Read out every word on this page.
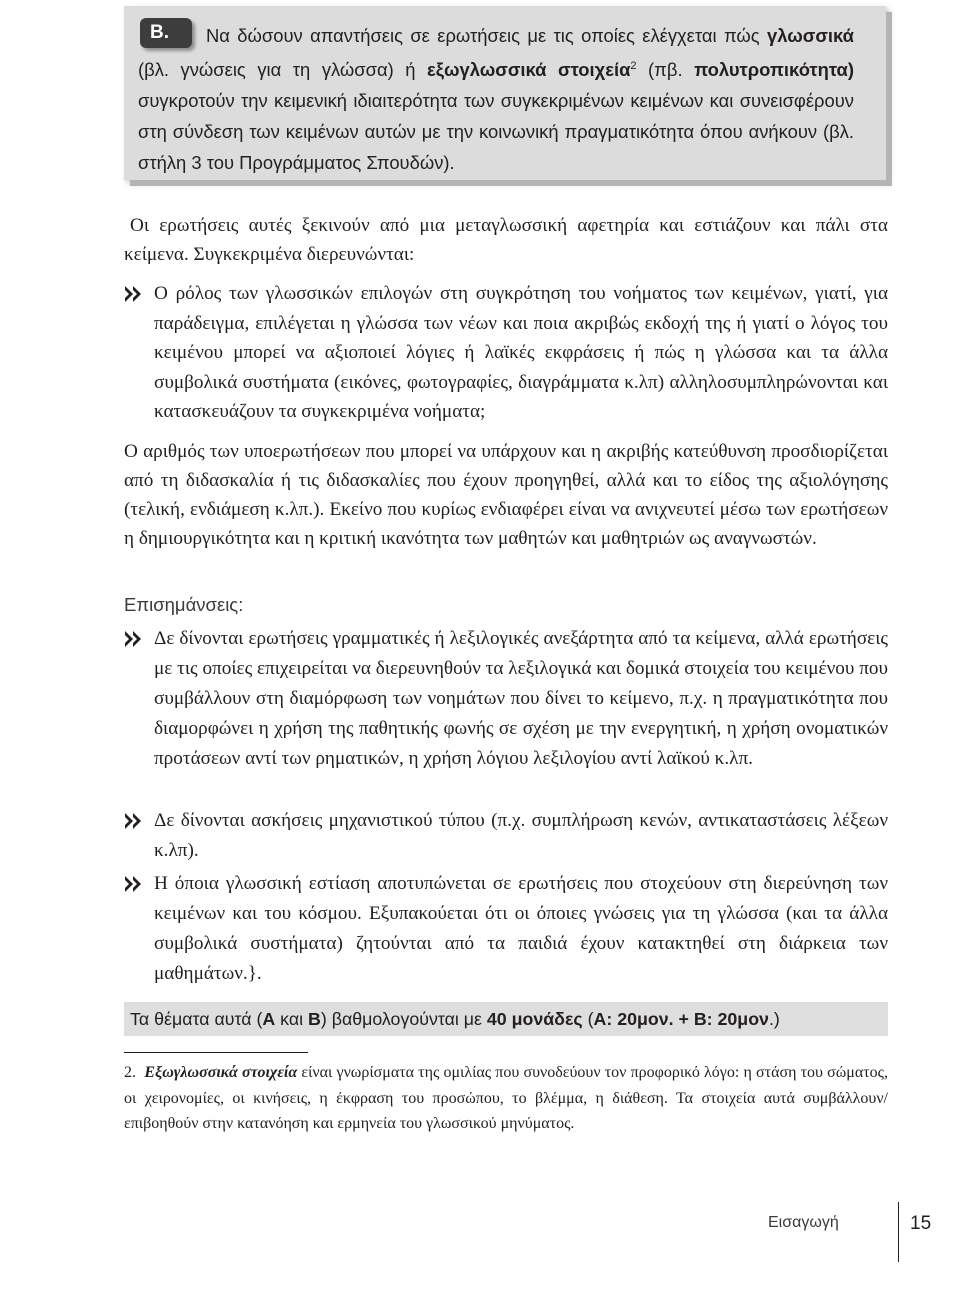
B.	Να δώσουν απαντήσεις σε ερωτήσεις με τις οποίες ελέγχεται πώς γλωσσικά (βλ. γνώσεις για τη γλώσσα) ή εξωγλωσσικά στοιχεία$^2$ (πβ. πολυτροπικότητα) συγκροτούν την κειμενική ιδιαιτερότητα των συγκεκριμένων κειμένων και συνεισφέρουν στη σύνδεση των κειμένων αυτών με την κοινωνική πραγματικότητα όπου ανήκουν (βλ. στήλη 3 του Προγράμματος Σπουδών).
Οι ερωτήσεις αυτές ξεκινούν από μια μεταγλωσσική αφετηρία και εστιάζουν και πάλι στα κείμενα. Συγκεκριμένα διερευνώνται:
Ο ρόλος των γλωσσικών επιλογών στη συγκρότηση του νοήματος των κειμένων, γιατί, για παράδειγμα, επιλέγεται η γλώσσα των νέων και ποια ακριβώς εκδοχή της ή γιατί ο λόγος του κειμένου μπορεί να αξιοποιεί λόγιες ή λαϊκές εκφράσεις ή πώς η γλώσσα και τα άλλα συμβολικά συστήματα (εικόνες, φωτογραφίες, διαγράμματα κ.λπ) αλληλοσυμπληρώνονται και κατασκευάζουν τα συγκεκριμένα νοήματα;
Ο αριθμός των υποερωτήσεων που μπορεί να υπάρχουν και η ακριβής κατεύθυνση προσδιορίζεται από τη διδασκαλία ή τις διδασκαλίες που έχουν προηγηθεί, αλλά και το είδος της αξιολόγησης (τελική, ενδιάμεση κ.λπ.). Εκείνο που κυρίως ενδιαφέρει είναι να ανιχνευτεί μέσω των ερωτήσεων η δημιουργικότητα και η κριτική ικανότητα των μαθητών και μαθητριών ως αναγνωστών.
Επισημάνσεις:
Δε δίνονται ερωτήσεις γραμματικές ή λεξιλογικές ανεξάρτητα από τα κείμενα, αλλά ερωτήσεις με τις οποίες επιχειρείται να διερευνηθούν τα λεξιλογικά και δομικά στοιχεία του κειμένου που συμβάλλουν στη διαμόρφωση των νοημάτων που δίνει το κείμενο, π.χ. η πραγματικότητα που διαμορφώνει η χρήση της παθητικής φωνής σε σχέση με την ενεργητική, η χρήση ονοματικών προτάσεων αντί των ρηματικών, η χρήση λόγιου λεξιλογίου αντί λαϊκού κ.λπ.
Δε δίνονται ασκήσεις μηχανιστικού τύπου (π.χ. συμπλήρωση κενών, αντικαταστάσεις λέξεων κ.λπ).
Η όποια γλωσσική εστίαση αποτυπώνεται σε ερωτήσεις που στοχεύουν στη διερεύνηση των κειμένων και του κόσμου. Εξυπακούεται ότι οι όποιες γνώσεις για τη γλώσσα (και τα άλλα συμβολικά συστήματα) ζητούνται από τα παιδιά έχουν κατακτηθεί στη διάρκεια των μαθημάτων.}.
Τα θέματα αυτά (A και B) βαθμολογούνται με 40 μονάδες (A: 20μον. + B: 20μον.)
2. Εξωγλωσσικά στοιχεία είναι γνωρίσματα της ομιλίας που συνοδεύουν τον προφορικό λόγο: η στάση του σώματος, οι χειρονομίες, οι κινήσεις, η έκφραση του προσώπου, το βλέμμα, η διάθεση. Τα στοιχεία αυτά συμβάλλουν/επιβοηθούν στην κατανόηση και ερμηνεία του γλωσσικού μηνύματος.
Εισαγωγή	15
